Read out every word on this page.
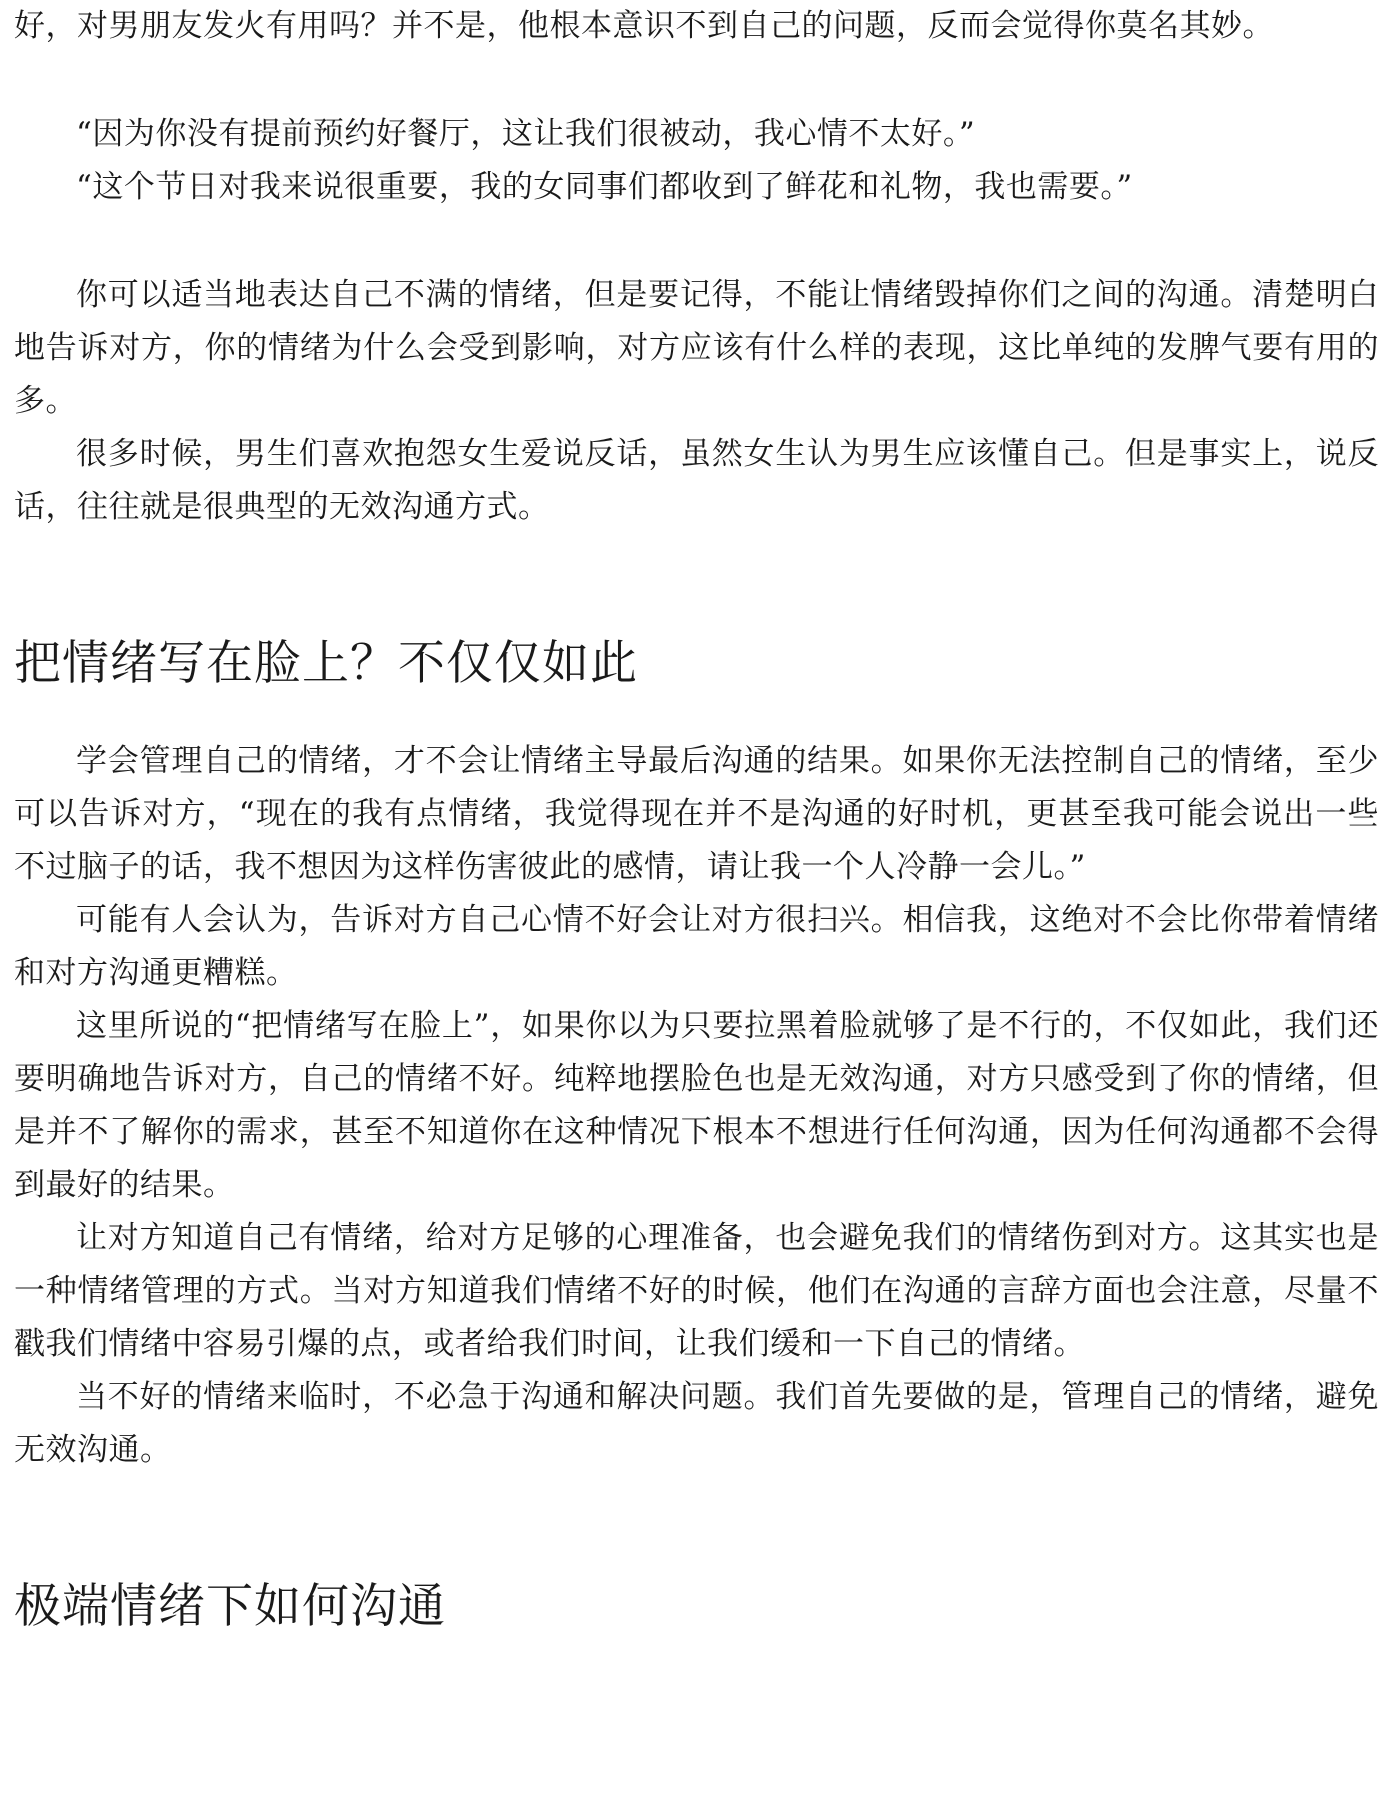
好，对男朋友发火有用吗？并不是，他根本意识不到自己的问题，反而会觉得你莫名其妙。

“因为你没有提前预约好餐厅，这让我们很被动，我心情不太好。”

“这个节日对我来说很重要，我的女同事们都收到了鲜花和礼物，我也需要。”

你可以适当地表达自己不满的情绪，但是要记得，不能让情绪毁掉你们之间的沟通。清楚明白地告诉对方，你的情绪为什么会受到影响，对方应该有什么样的表现，这比单纯的发脾气要有用的多。

很多时候，男生们喜欢抱怨女生爱说反话，虽然女生认为男生应该懂自己。但是事实上，说反话，往往就是很典型的无效沟通方式。

把情绪写在脸上？不仅仅如此

学会管理自己的情绪，才不会让情绪主导最后沟通的结果。如果你无法控制自己的情绪，至少可以告诉对方，“现在的我有点情绪，我觉得现在并不是沟通的好时机，更甚至我可能会说出一些不过脑子的话，我不想因为这样伤害彼此的感情，请让我一个人冷静一会儿。”

可能有人会认为，告诉对方自己心情不好会让对方很扫兴。相信我，这绝对不会比你带着情绪和对方沟通更糟糕。

这里所说的“把情绪写在脸上”，如果你以为只要拉黑着脸就够了是不行的，不仅如此，我们还要明确地告诉对方，自己的情绪不好。纯粹地摆脸色也是无效沟通，对方只感受到了你的情绪，但是并不了解你的需求，甚至不知道你在这种情况下根本不想进行任何沟通，因为任何沟通都不会得到最好的结果。

让对方知道自己有情绪，给对方足够的心理准备，也会避免我们的情绪伤到对方。这其实也是一种情绪管理的方式。当对方知道我们情绪不好的时候，他们在沟通的言辞方面也会注意，尽量不戳我们情绪中容易引爆的点，或者给我们时间，让我们缓和一下自己的情绪。

当不好的情绪来临时，不必急于沟通和解决问题。我们首先要做的是，管理自己的情绪，避免无效沟通。

极端情绪下如何沟通
